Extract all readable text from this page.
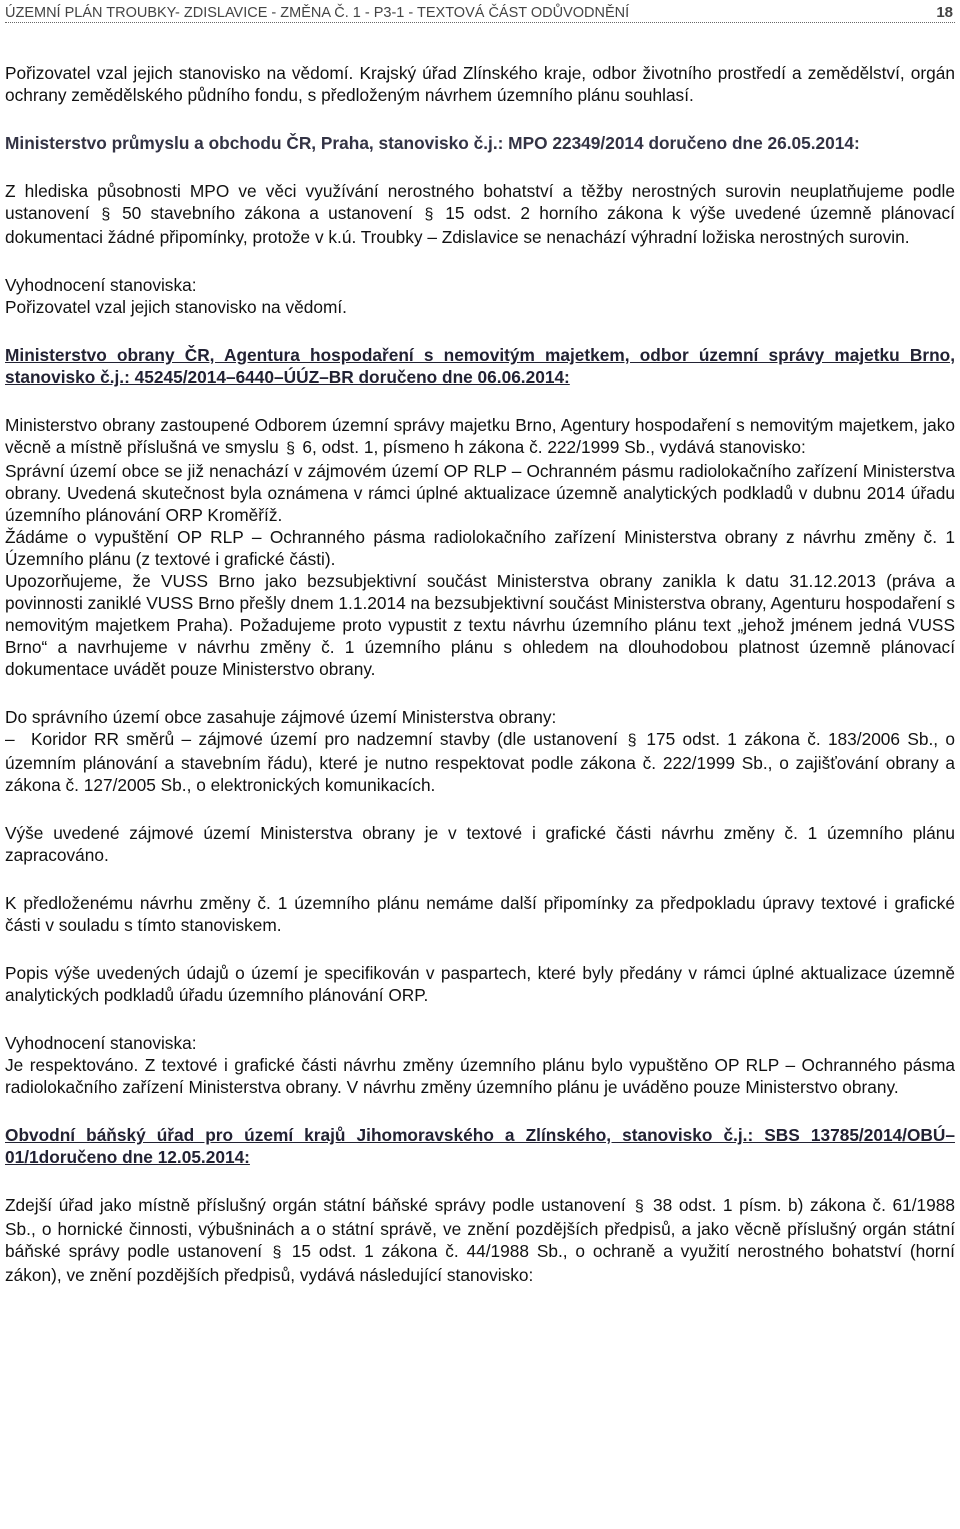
ÚZEMNÍ PLÁN TROUBKY- ZDISLAVICE - ZMĚNA Č. 1 - P3-1 - TEXTOVÁ ČÁST ODŮVODNĚNÍ	18

Pořizovatel vzal jejich stanovisko na vědomí. Krajský úřad Zlínského kraje, odbor životního prostředí a zemědělství, orgán ochrany zemědělského půdního fondu, s předloženým návrhem územního plánu souhlasí.

Ministerstvo průmyslu a obchodu ČR, Praha, stanovisko č.j.: MPO 22349/2014 doručeno dne 26.05.2014:

Z hlediska působnosti MPO ve věci využívání nerostného bohatství a těžby nerostných surovin neuplatňujeme podle ustanovení § 50 stavebního zákona a ustanovení § 15 odst. 2 horního zákona k výše uvedené územně plánovací dokumentaci žádné připomínky, protože v k.ú. Troubky – Zdislavice se nenachází výhradní ložiska nerostných surovin.

Vyhodnocení stanoviska:

Pořizovatel vzal jejich stanovisko na vědomí.

Ministerstvo obrany ČR, Agentura hospodaření s nemovitým majetkem, odbor územní správy majetku Brno, stanovisko č.j.: 45245/2014–6440–ÚÚZ–BR doručeno dne 06.06.2014:

Ministerstvo obrany zastoupené Odborem územní správy majetku Brno, Agentury hospodaření s nemovitým majetkem, jako věcně a místně příslušná ve smyslu § 6, odst. 1, písmeno h zákona č. 222/1999 Sb., vydává stanovisko:

Správní území obce se již nenachází v zájmovém území OP RLP – Ochranném pásmu radiolokačního zařízení Ministerstva obrany. Uvedená skutečnost byla oznámena v rámci úplné aktualizace územně analytických podkladů v dubnu 2014 úřadu územního plánování ORP Kroměříž.

Žádáme o vypuštění OP RLP – Ochranného pásma radiolokačního zařízení Ministerstva obrany z návrhu změny č. 1 Územního plánu (z textové i grafické části).

Upozorňujeme, že VUSS Brno jako bezsubjektivní součást Ministerstva obrany zanikla k datu 31.12.2013 (práva a povinnosti zaniklé VUSS Brno přešly dnem 1.1.2014 na bezsubjektivní součást Ministerstva obrany, Agenturu hospodaření s nemovitým majetkem Praha). Požadujeme proto vypustit z textu návrhu územního plánu text „jehož jménem jedná VUSS Brno“ a navrhujeme v návrhu změny č. 1 územního plánu s ohledem na dlouhodobou platnost územně plánovací dokumentace uvádět pouze Ministerstvo obrany.

Do správního území obce zasahuje zájmové území Ministerstva obrany:

– Koridor RR směrů – zájmové území pro nadzemní stavby (dle ustanovení § 175 odst. 1 zákona č. 183/2006 Sb., o územním plánování a stavebním řádu), které je nutno respektovat podle zákona č. 222/1999 Sb., o zajišťování obrany a zákona č. 127/2005 Sb., o elektronických komunikacích.

Výše uvedené zájmové území Ministerstva obrany je v textové i grafické části návrhu změny č. 1 územního plánu zapracováno.

K předloženému návrhu změny č. 1 územního plánu nemáme další připomínky za předpokladu úpravy textové i grafické části v souladu s tímto stanoviskem.

Popis výše uvedených údajů o území je specifikován v paspartech, které byly předány v rámci úplné aktualizace územně analytických podkladů úřadu územního plánování ORP.

Vyhodnocení stanoviska:

Je respektováno. Z textové i grafické části návrhu změny územního plánu bylo vypuštěno OP RLP – Ochranného pásma radiolokačního zařízení Ministerstva obrany. V návrhu změny územního plánu je uváděno pouze Ministerstvo obrany.

Obvodní báňský úřad pro území krajů Jihomoravského a Zlínského, stanovisko č.j.: SBS 13785/2014/OBÚ–01/1doručeno dne 12.05.2014:

Zdejší úřad jako místně příslušný orgán státní báňské správy podle ustanovení § 38 odst. 1 písm. b) zákona č. 61/1988 Sb., o hornické činnosti, výbušninách a o státní správě, ve znění pozdějších předpisů, a jako věcně příslušný orgán státní báňské správy podle ustanovení § 15 odst. 1 zákona č. 44/1988 Sb., o ochraně a využití nerostného bohatství (horní zákon), ve znění pozdějších předpisů, vydává následující stanovisko:
